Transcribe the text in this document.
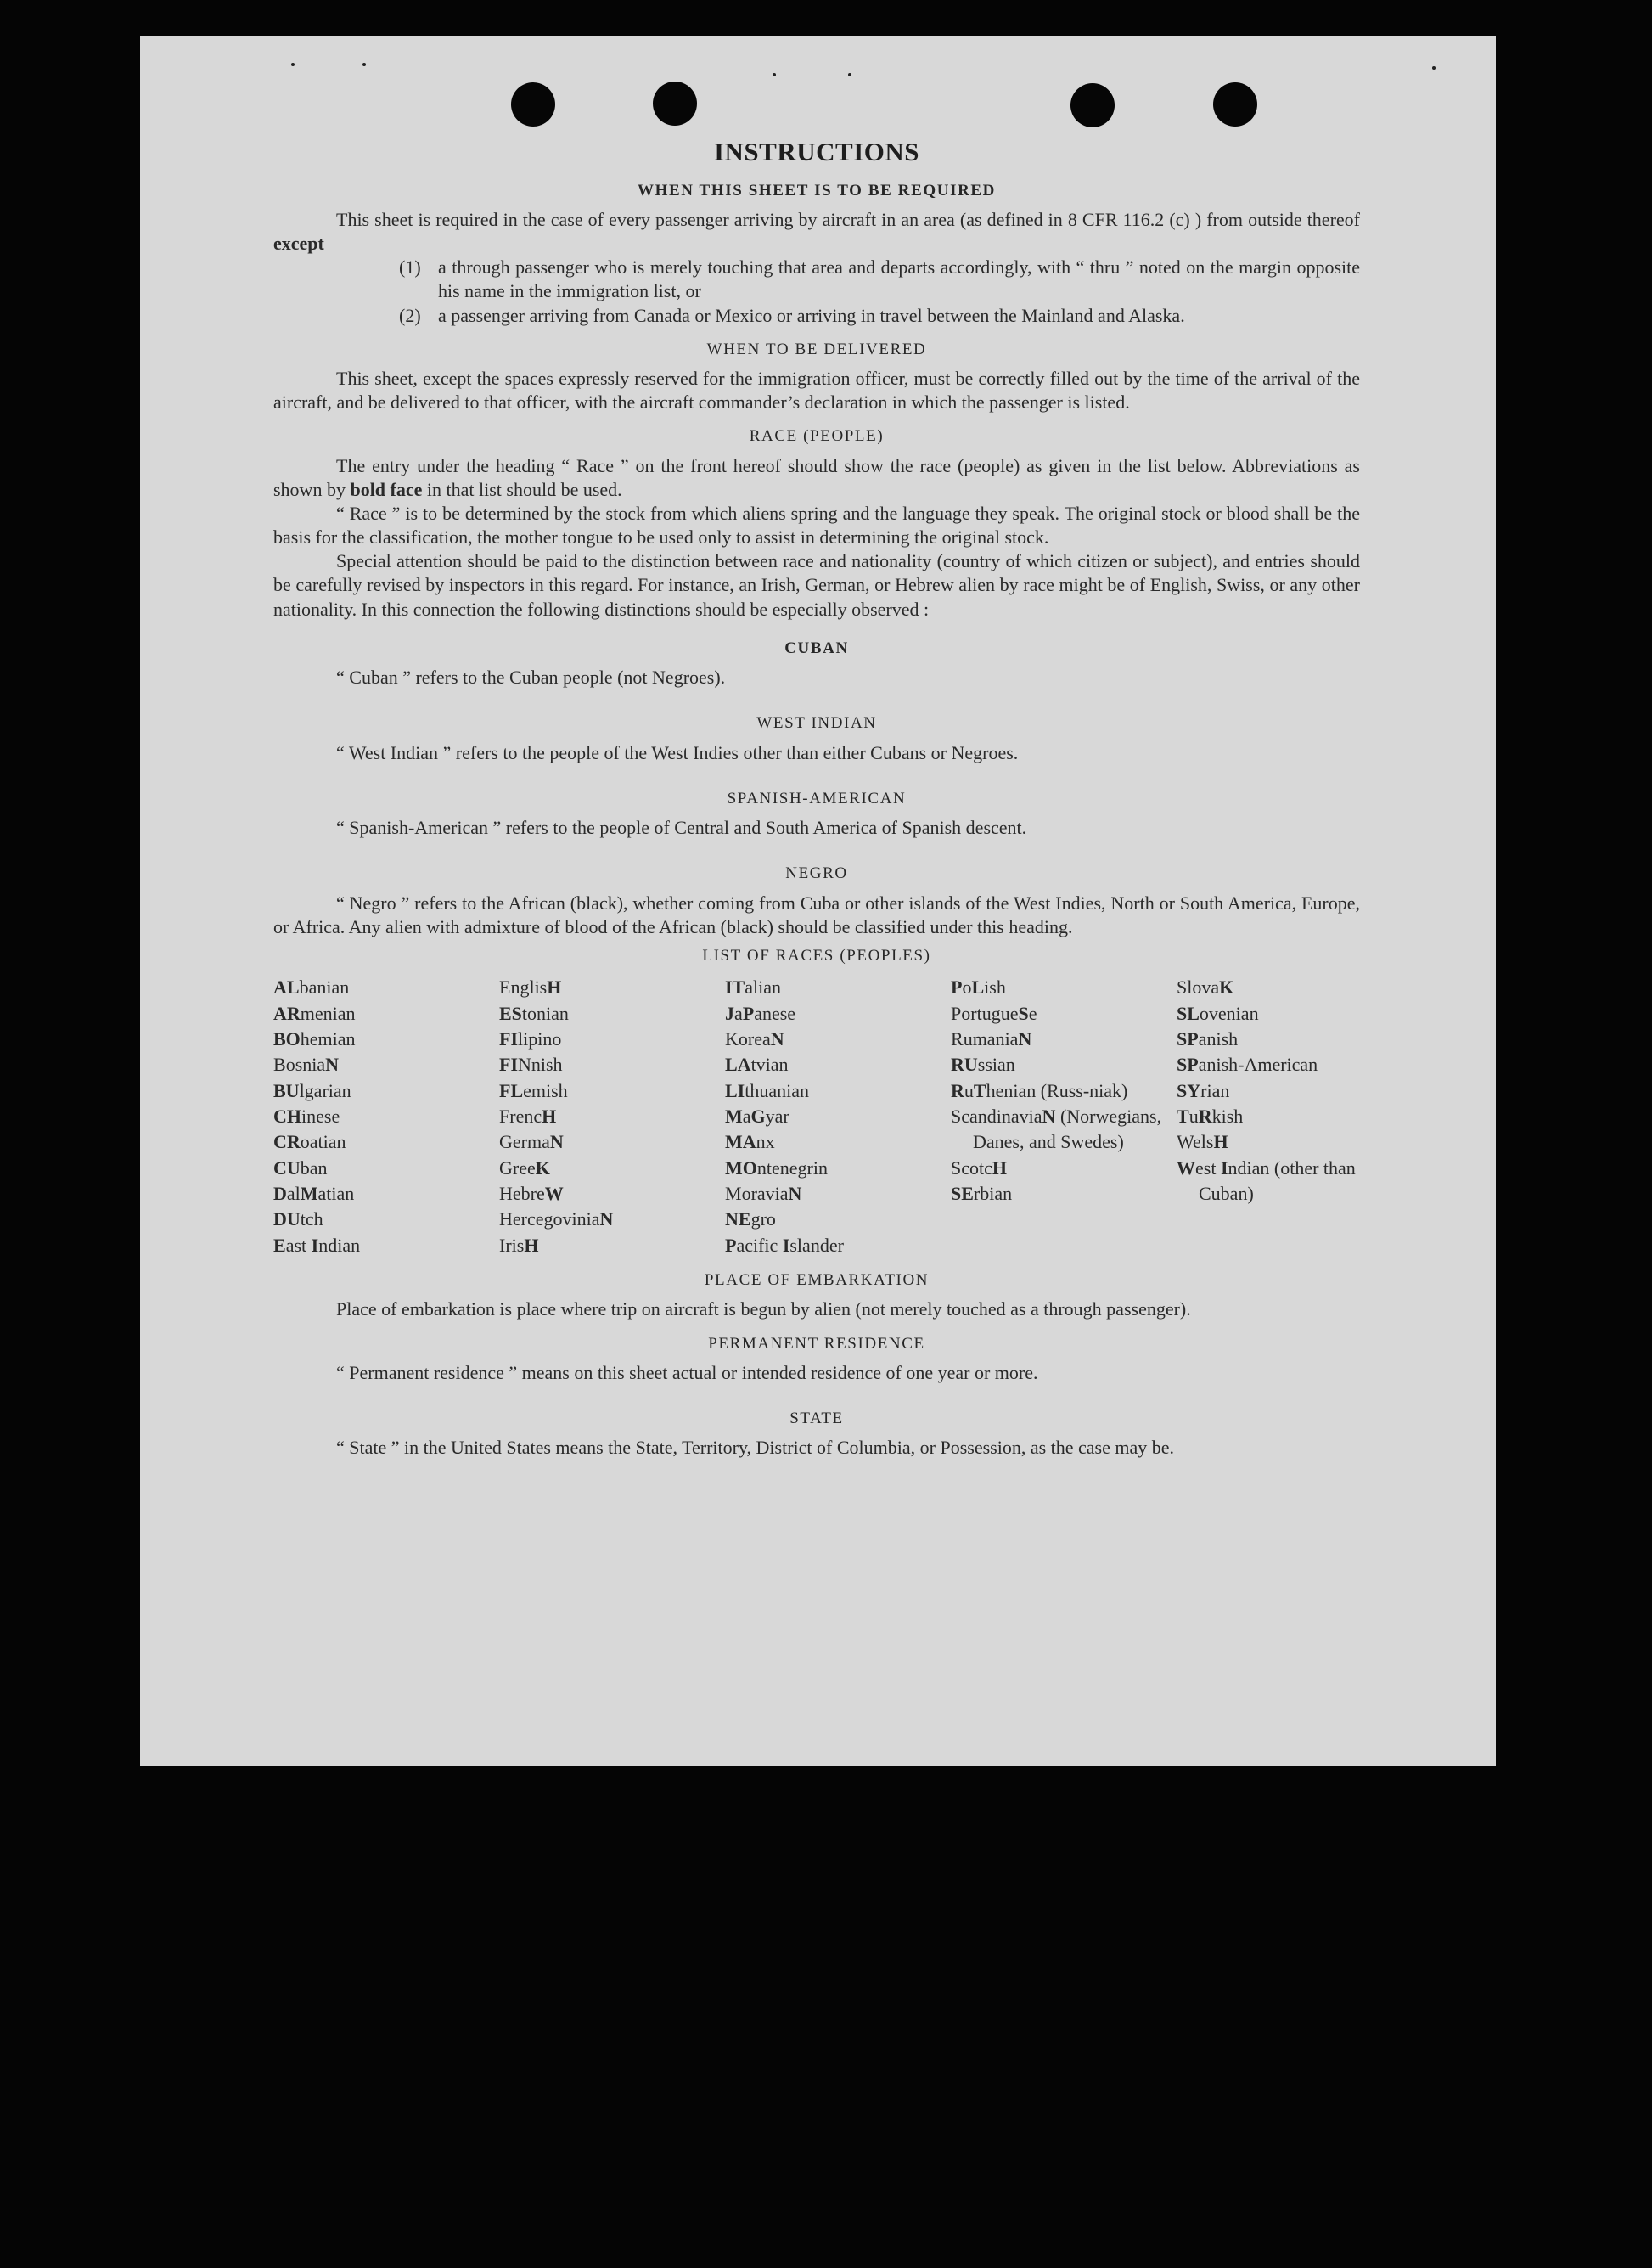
INSTRUCTIONS
WHEN THIS SHEET IS TO BE REQUIRED

This sheet is required in the case of every passenger arriving by aircraft in an area (as defined in 8 CFR 116.2 (c) ) from outside thereof except

(1) a through passenger who is merely touching that area and departs accordingly, with “ thru ” noted on the margin opposite his name in the immigration list, or
(2) a passenger arriving from Canada or Mexico or arriving in travel between the Mainland and Alaska.
WHEN TO BE DELIVERED

This sheet, except the spaces expressly reserved for the immigration officer, must be correctly filled out by the time of the arrival of the aircraft, and be delivered to that officer, with the aircraft commander’s declaration in which the passenger is listed.

RACE (PEOPLE)

The entry under the heading “ Race ” on the front hereof should show the race (people) as given in the list below. Abbreviations as shown by bold face in that list should be used.

“ Race ” is to be determined by the stock from which aliens spring and the language they speak. The original stock or blood shall be the basis for the classification, the mother tongue to be used only to assist in determining the original stock.

Special attention should be paid to the distinction between race and nationality (country of which citizen or subject), and entries should be carefully revised by inspectors in this regard. For instance, an Irish, German, or Hebrew alien by race might be of English, Swiss, or any other nationality. In this connection the following distinctions should be especially observed :

CUBAN

“ Cuban ” refers to the Cuban people (not Negroes).

WEST INDIAN

“ West Indian ” refers to the people of the West Indies other than either Cubans or Negroes.

SPANISH-AMERICAN

“ Spanish-American ” refers to the people of Central and South America of Spanish descent.

NEGRO

“ Negro ” refers to the African (black), whether coming from Cuba or other islands of the West Indies, North or South America, Europe, or Africa. Any alien with admixture of blood of the African (black) should be classified under this heading.

LIST OF RACES (PEOPLES)
ALbanian
ARmenian
BOhemian
BosniaN
BUlgarian
CHinese
CRoatian
CUban
DalMatian
DUtch
East Indian
EnglisH
EStonian
FIlipino
FINnish
FLemish
FrencH
GermaN
GreeK
HebreW
HercegoviniaN
IrisH
ITalian
JaPanese
KoreaN
LAtvian
LIthuanian
MaGyar
MAnx
MOntenegrin
MoraviaN
NEgro
Pacific Islander
PoLish
PortugueSe
RumaniaN
RUssian
RuThenian (Russ-niak)
ScandinaviaN (Norwegians, Danes, and Swedes)
ScotcH
SErbian
SlovaK
SLovenian
SPanish
SPanish-American
SYrian
TuRkish
WelsH
West Indian (other than Cuban)
PLACE OF EMBARKATION

Place of embarkation is place where trip on aircraft is begun by alien (not merely touched as a through passenger).

PERMANENT RESIDENCE

“ Permanent residence ” means on this sheet actual or intended residence of one year or more.

STATE

“ State ” in the United States means the State, Territory, District of Columbia, or Possession, as the case may be.
